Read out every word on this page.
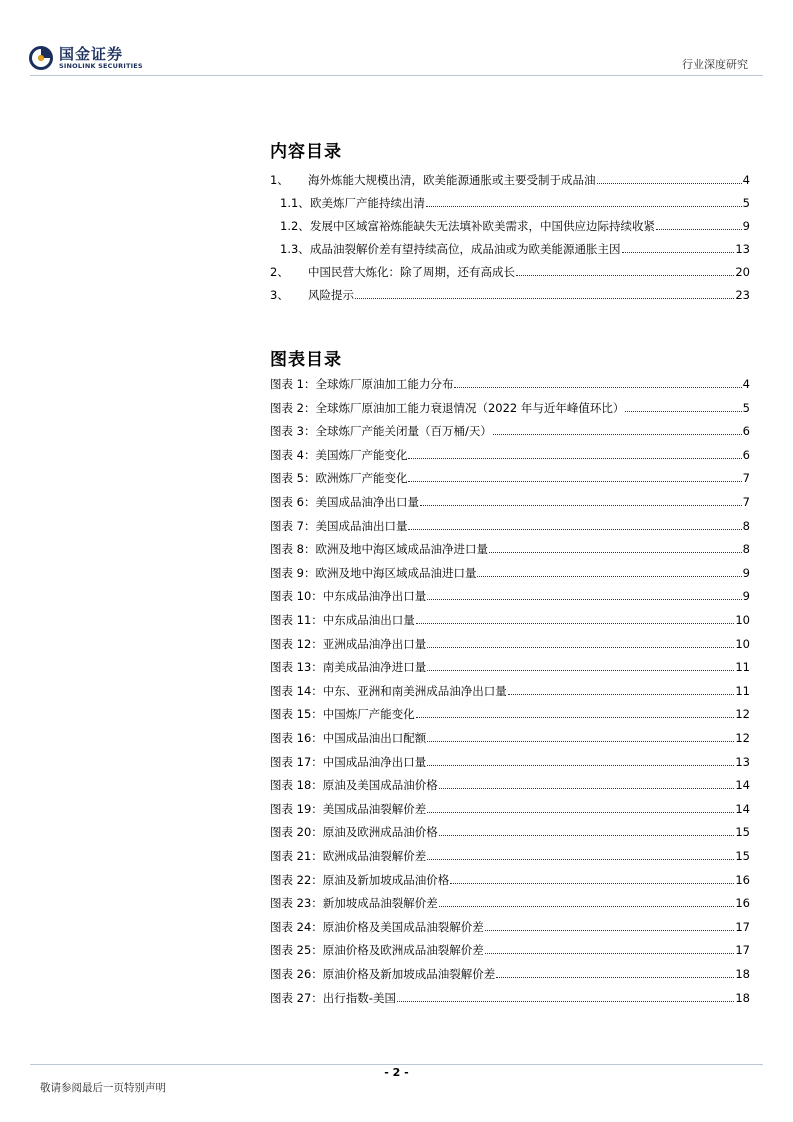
国金证券
SINOLINK SECURITIES	行业深度研究
内容目录
1、 海外炼能大规模出清，欧美能源通胀或主要受制于成品油	4
1.1、欧美炼厂产能持续出清	5
1.2、发展中区域富裕炼能缺失无法填补欧美需求，中国供应边际持续收紧	9
1.3、成品油裂解价差有望持续高位，成品油或为欧美能源通胀主因	13
2、 中国民营大炼化：除了周期，还有高成长	20
3、 风险提示	23
图表目录
图表 1：全球炼厂原油加工能力分布	4
图表 2：全球炼厂原油加工能力衰退情况（2022 年与近年峰值环比）	5
图表 3：全球炼厂产能关闭量（百万桶/天）	6
图表 4：美国炼厂产能变化	6
图表 5：欧洲炼厂产能变化	7
图表 6：美国成品油净出口量	7
图表 7：美国成品油出口量	8
图表 8：欧洲及地中海区域成品油净进口量	8
图表 9：欧洲及地中海区域成品油进口量	9
图表 10：中东成品油净出口量	9
图表 11：中东成品油出口量	10
图表 12：亚洲成品油净出口量	10
图表 13：南美成品油净进口量	11
图表 14：中东、亚洲和南美洲成品油净出口量	11
图表 15：中国炼厂产能变化	12
图表 16：中国成品油出口配额	12
图表 17：中国成品油净出口量	13
图表 18：原油及美国成品油价格	14
图表 19：美国成品油裂解价差	14
图表 20：原油及欧洲成品油价格	15
图表 21：欧洲成品油裂解价差	15
图表 22：原油及新加坡成品油价格	16
图表 23：新加坡成品油裂解价差	16
图表 24：原油价格及美国成品油裂解价差	17
图表 25：原油价格及欧洲成品油裂解价差	17
图表 26：原油价格及新加坡成品油裂解价差	18
图表 27：出行指数-美国	18
- 2 -
敬请参阅最后一页特别声明
